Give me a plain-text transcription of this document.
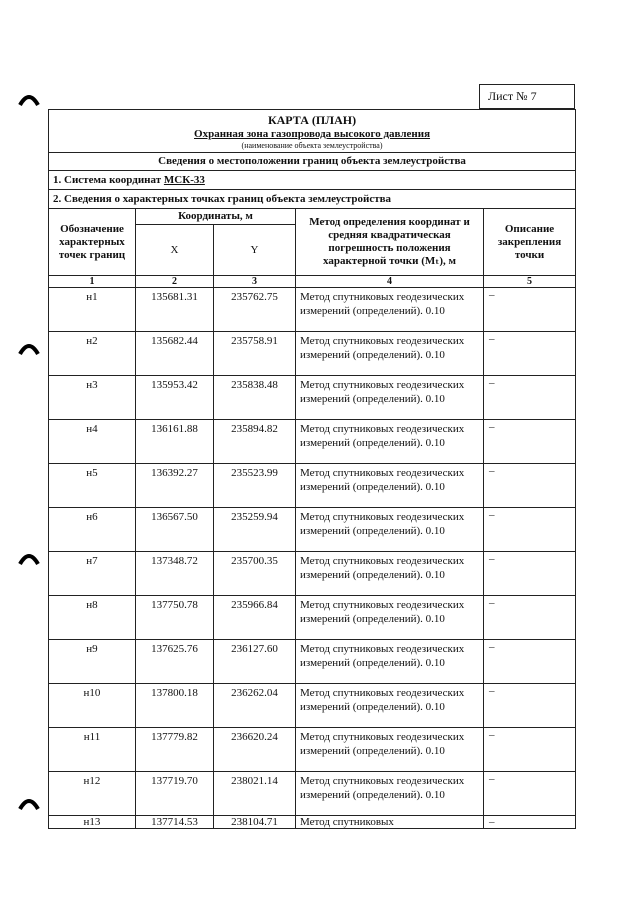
Лист № 7
КАРТА (ПЛАН)
Охранная зона газопровода высокого давления
(наименование объекта землеустройства)				

Сведения о местоположении границ объекта землеустройства				
1. Система координат МСК-33				
2. Сведения о характерных точках границ объекта землеустройства				
Обозначение характерных точек границ	Координаты, м		Метод определения координат и средняя квадратическая погрешность положения характерной точки (Mₜ), м	Описание закрепления точки
	X	Y		
1	2	3	4	5
н1	135681.31	235762.75	Метод спутниковых геодезических измерений (определений). 0.10	–
н2	135682.44	235758.91	Метод спутниковых геодезических измерений (определений). 0.10	–
н3	135953.42	235838.48	Метод спутниковых геодезических измерений (определений). 0.10	–
н4	136161.88	235894.82	Метод спутниковых геодезических измерений (определений). 0.10	–
н5	136392.27	235523.99	Метод спутниковых геодезических измерений (определений). 0.10	–
н6	136567.50	235259.94	Метод спутниковых геодезических измерений (определений). 0.10	–
н7	137348.72	235700.35	Метод спутниковых геодезических измерений (определений). 0.10	–
н8	137750.78	235966.84	Метод спутниковых геодезических измерений (определений). 0.10	–
н9	137625.76	236127.60	Метод спутниковых геодезических измерений (определений). 0.10	–
н10	137800.18	236262.04	Метод спутниковых геодезических измерений (определений). 0.10	–
н11	137779.82	236620.24	Метод спутниковых геодезических измерений (определений). 0.10	–
н12	137719.70	238021.14	Метод спутниковых геодезических измерений (определений). 0.10	–
н13	137714.53	238104.71	Метод спутниковых	–
